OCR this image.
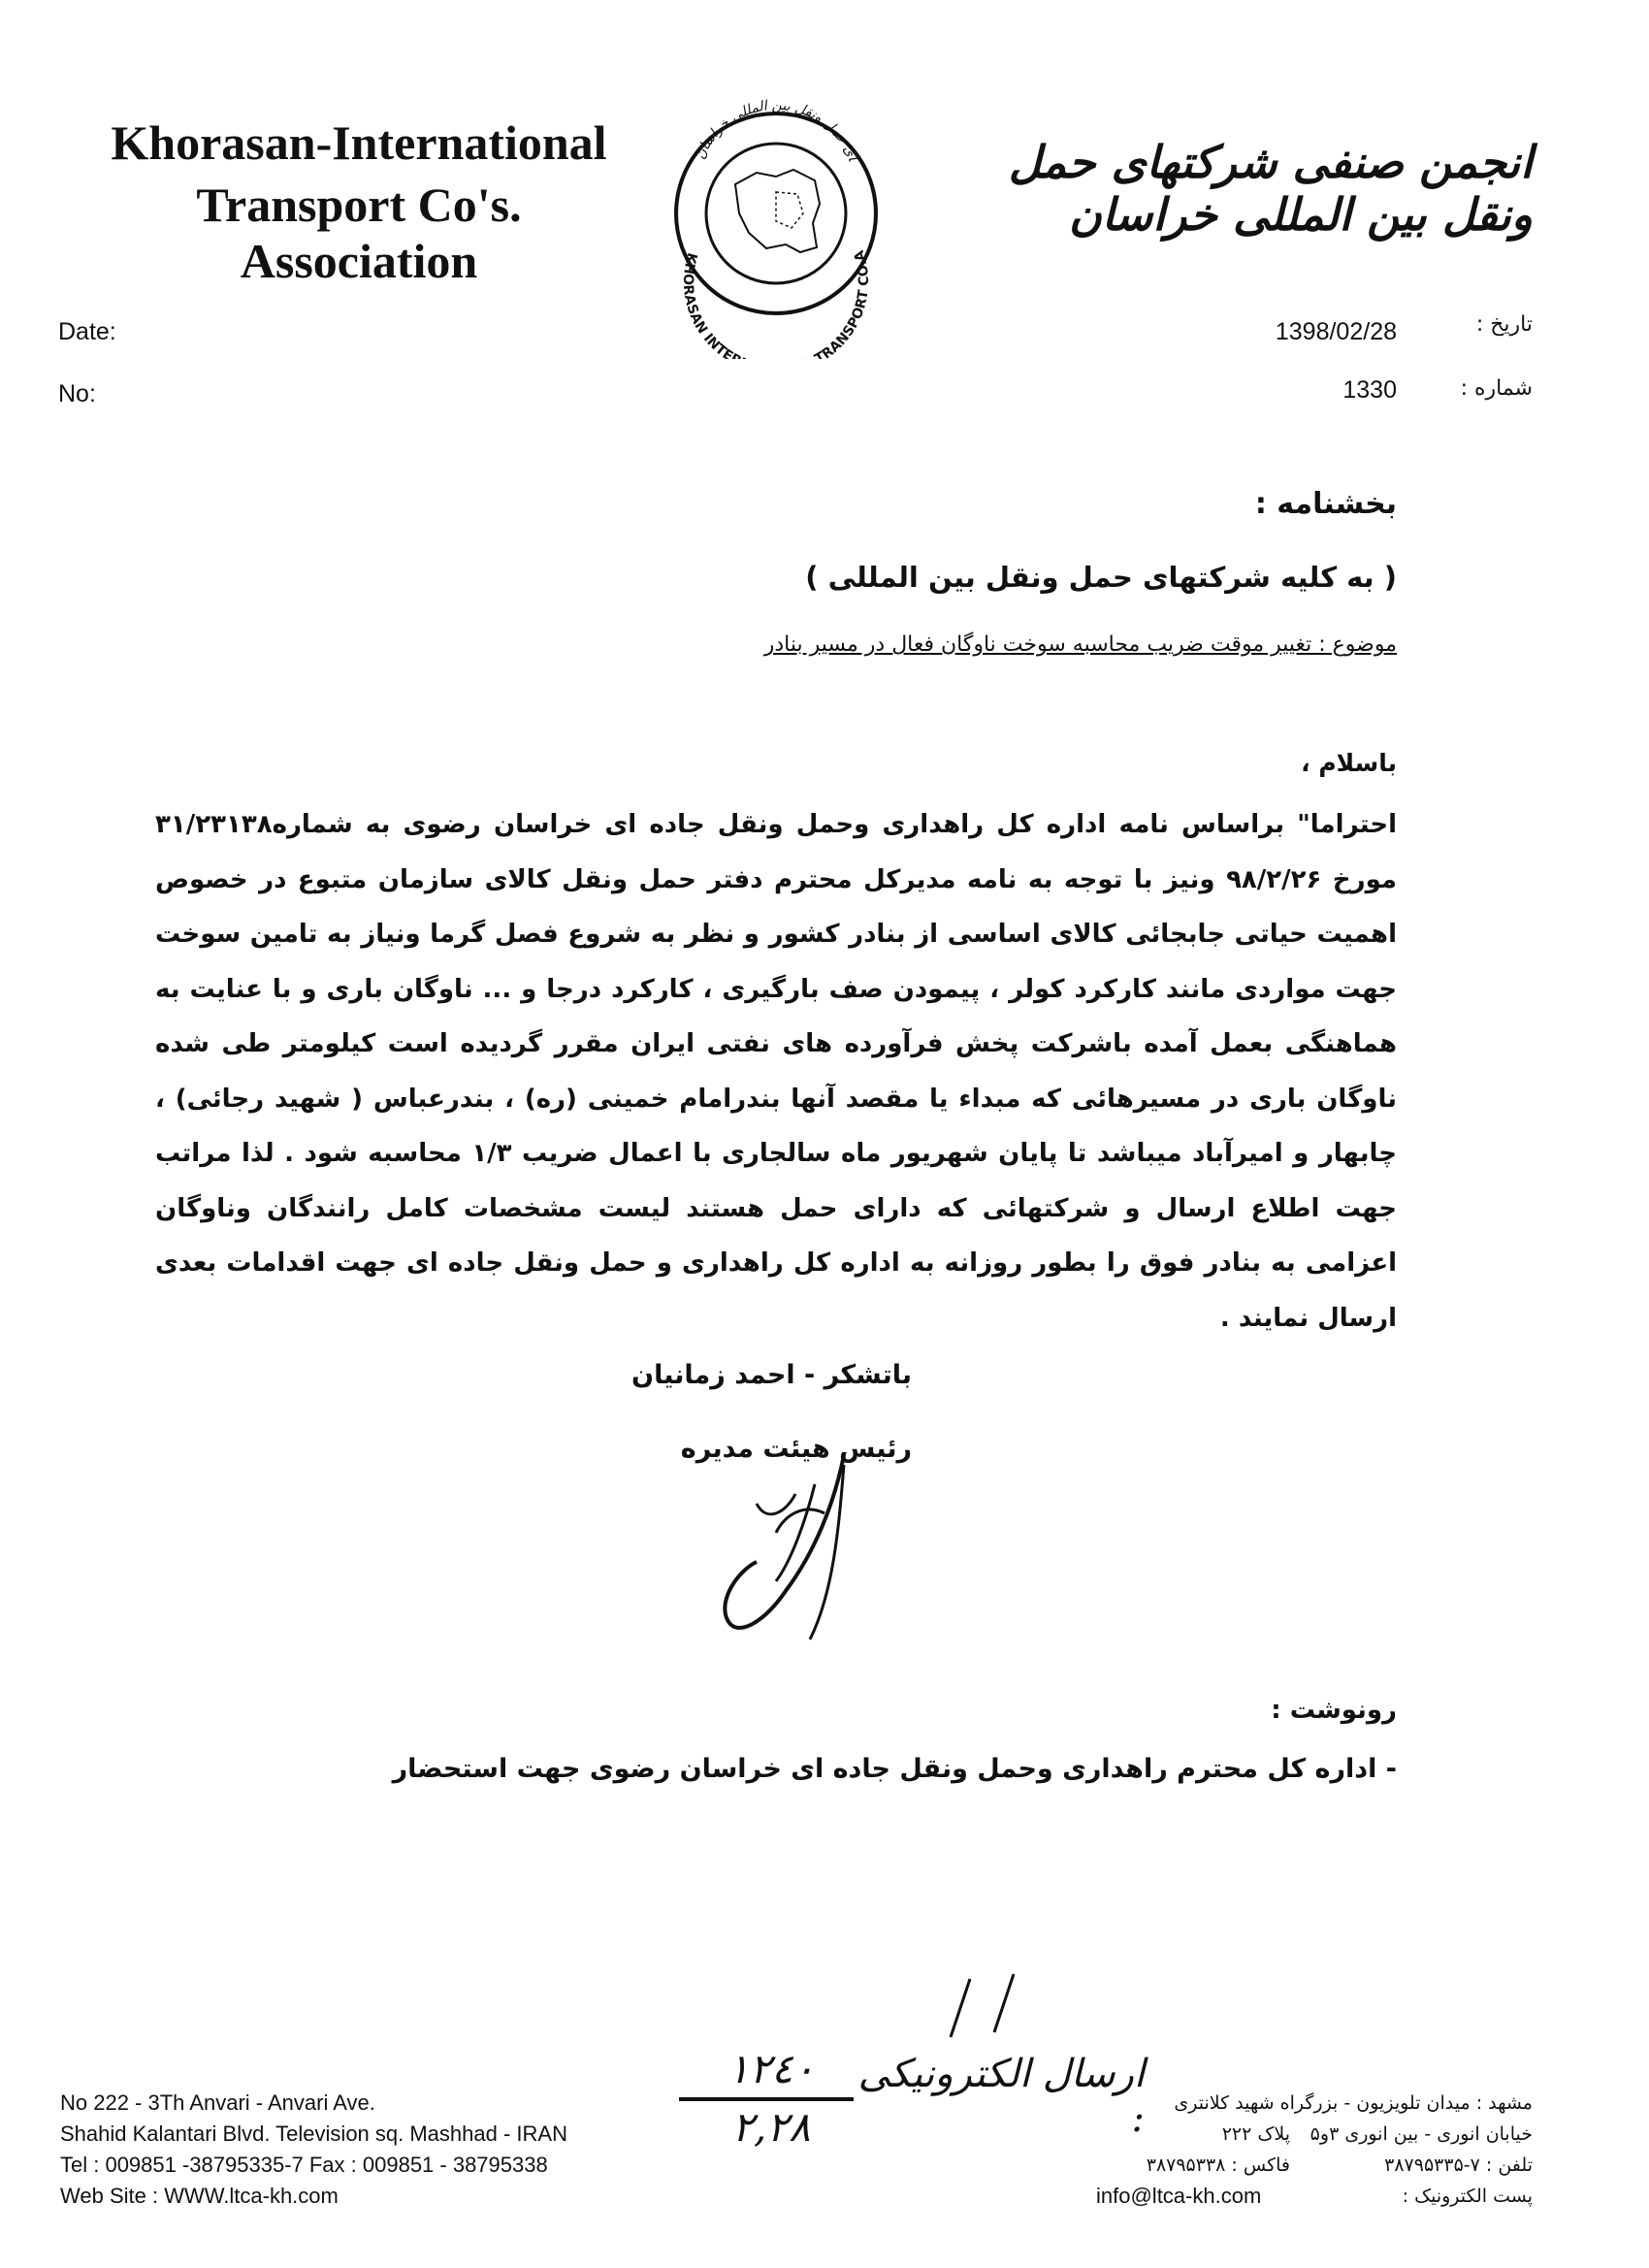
Khorasan-International
Transport Co's. Association	KHORASAN INTE TRANSPORT CO.A
ای حمل ونقل بین المللی خراسان
انجمن صنفی شرکتهای حمل ونقل بین المللی خراسان
Date:
No:
1398/02/28
1330
تاریخ :
شماره :
بخشنامه :
( به کلیه شرکتهای حمل ونقل بین المللی )
موضوع : تغییر موقت ضریب محاسبه سوخت ناوگان فعال در مسیر بنادر
باسلام ،
احتراما" براساس نامه اداره کل راهداری وحمل ونقل جاده ای خراسان رضوی به شماره۳۱/۲۳۱۳۸ مورخ ۹۸/۲/۲۶ ونیز با توجه به نامه مدیرکل محترم دفتر حمل ونقل کالای سازمان متبوع در خصوص اهمیت حیاتی جابجائی کالای اساسی از بنادر کشور و نظر به شروع فصل گرما ونیاز به تامین سوخت جهت مواردی مانند کارکرد کولر ، پیمودن صف بارگیری ، کارکرد درجا و ... ناوگان باری و با عنایت به هماهنگی بعمل آمده باشرکت پخش فرآورده های نفتی ایران مقرر گردیده است کیلومتر طی شده ناوگان باری در مسیرهائی که مبداء یا مقصد آنها بندرامام خمینی (ره) ، بندرعباس ( شهید رجائی) ، چابهار و امیرآباد میباشد تا پایان شهریور ماه سالجاری با اعمال ضریب ۱/۳ محاسبه شود . لذا مراتب جهت اطلاع ارسال و شرکتهائی که دارای حمل هستند لیست مشخصات کامل رانندگان وناوگان اعزامی به بنادر فوق را بطور روزانه به اداره کل راهداری و حمل ونقل جاده ای جهت اقدامات بعدی ارسال نمایند .
باتشکر - احمد زمانیان
رئیس هیئت مدیره
رونوشت :
- اداره کل محترم راهداری وحمل ونقل جاده ای خراسان رضوی جهت استحضار
ارسال الکترونیکی :
۱۲٤۰
۲,۲۸
No 222 - 3Th Anvari - Anvari Ave.
Shahid Kalantari Blvd. Television sq. Mashhad - IRAN
Tel : 009851 -38795335-7 Fax : 009851 - 38795338
Web Site : WWW.ltca-kh.com
مشهد : میدان تلویزیون - بزرگراه شهید کلانتری
خیابان انوری - بین انوری ۳و۵
پلاک ۲۲۲
تلفن : ۷-۳۸۷۹۵۳۳۵
فاکس : ۳۸۷۹۵۳۳۸
پست الکترونیک :
info@ltca-kh.com
